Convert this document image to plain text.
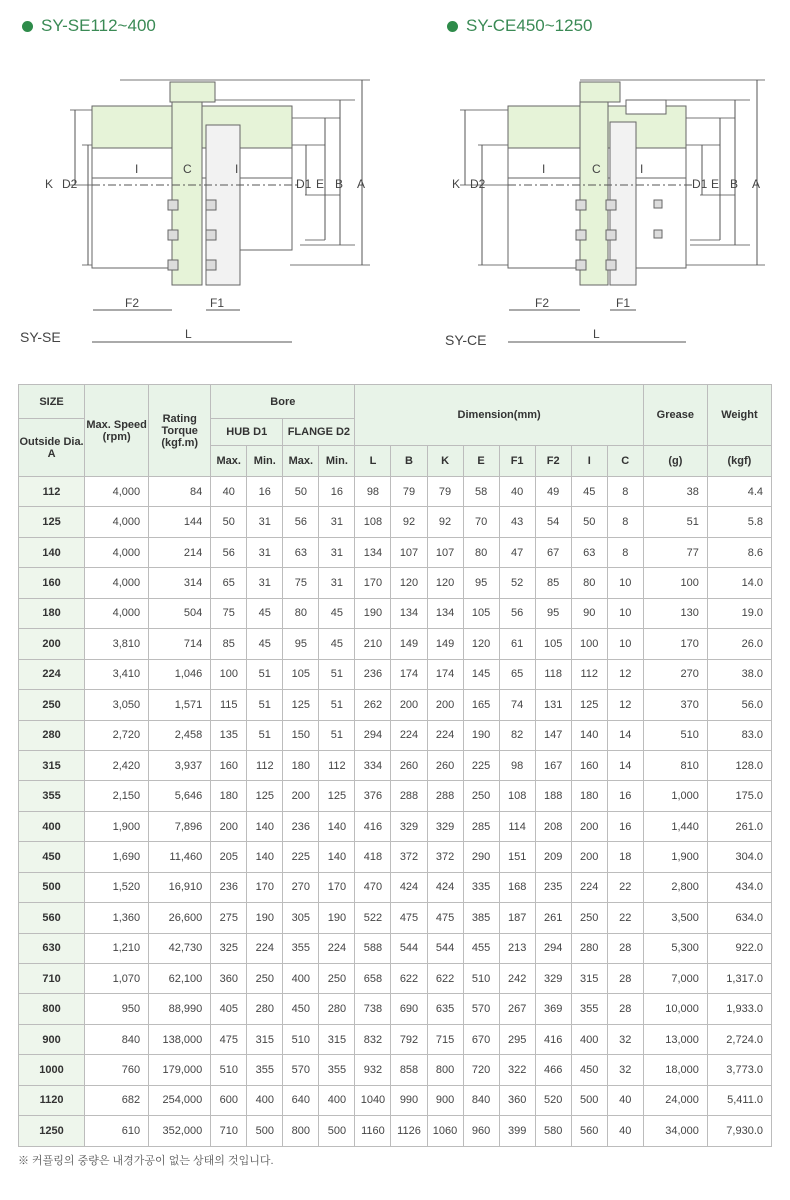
SY-SE112~400	SY-CE450~1250
K D2
I	C	I
D1 E B A
F2	F1
L
SY-SE
K D2
I	C	I
D1 E B A
F2	F1
L
SY-CE
SIZE	Max. Speed (rpm)	Rating Torque (kgf.m)	Bore				Dimension(mm)								Grease	Weight
Outside Dia. A			HUB D1		FLANGE D2											
			Max.	Min.	Max.	Min.	L	B	K	E	F1	F2	I	C	(g)	(kgf)
112	4,000	84	40	16	50	16	98	79	79	58	40	49	45	8	38	4.4
125	4,000	144	50	31	56	31	108	92	92	70	43	54	50	8	51	5.8
140	4,000	214	56	31	63	31	134	107	107	80	47	67	63	8	77	8.6
160	4,000	314	65	31	75	31	170	120	120	95	52	85	80	10	100	14.0
180	4,000	504	75	45	80	45	190	134	134	105	56	95	90	10	130	19.0
200	3,810	714	85	45	95	45	210	149	149	120	61	105	100	10	170	26.0
224	3,410	1,046	100	51	105	51	236	174	174	145	65	118	112	12	270	38.0
250	3,050	1,571	115	51	125	51	262	200	200	165	74	131	125	12	370	56.0
280	2,720	2,458	135	51	150	51	294	224	224	190	82	147	140	14	510	83.0
315	2,420	3,937	160	112	180	112	334	260	260	225	98	167	160	14	810	128.0
355	2,150	5,646	180	125	200	125	376	288	288	250	108	188	180	16	1,000	175.0
400	1,900	7,896	200	140	236	140	416	329	329	285	114	208	200	16	1,440	261.0
450	1,690	11,460	205	140	225	140	418	372	372	290	151	209	200	18	1,900	304.0
500	1,520	16,910	236	170	270	170	470	424	424	335	168	235	224	22	2,800	434.0
560	1,360	26,600	275	190	305	190	522	475	475	385	187	261	250	22	3,500	634.0
630	1,210	42,730	325	224	355	224	588	544	544	455	213	294	280	28	5,300	922.0
710	1,070	62,100	360	250	400	250	658	622	622	510	242	329	315	28	7,000	1,317.0
800	950	88,990	405	280	450	280	738	690	635	570	267	369	355	28	10,000	1,933.0
900	840	138,000	475	315	510	315	832	792	715	670	295	416	400	32	13,000	2,724.0
1000	760	179,000	510	355	570	355	932	858	800	720	322	466	450	32	18,000	3,773.0
1120	682	254,000	600	400	640	400	1040	990	900	840	360	520	500	40	24,000	5,411.0
1250	610	352,000	710	500	800	500	1160	1126	1060	960	399	580	560	40	34,000	7,930.0
※ 커플링의 중량은 내경가공이 없는 상태의 것입니다.
